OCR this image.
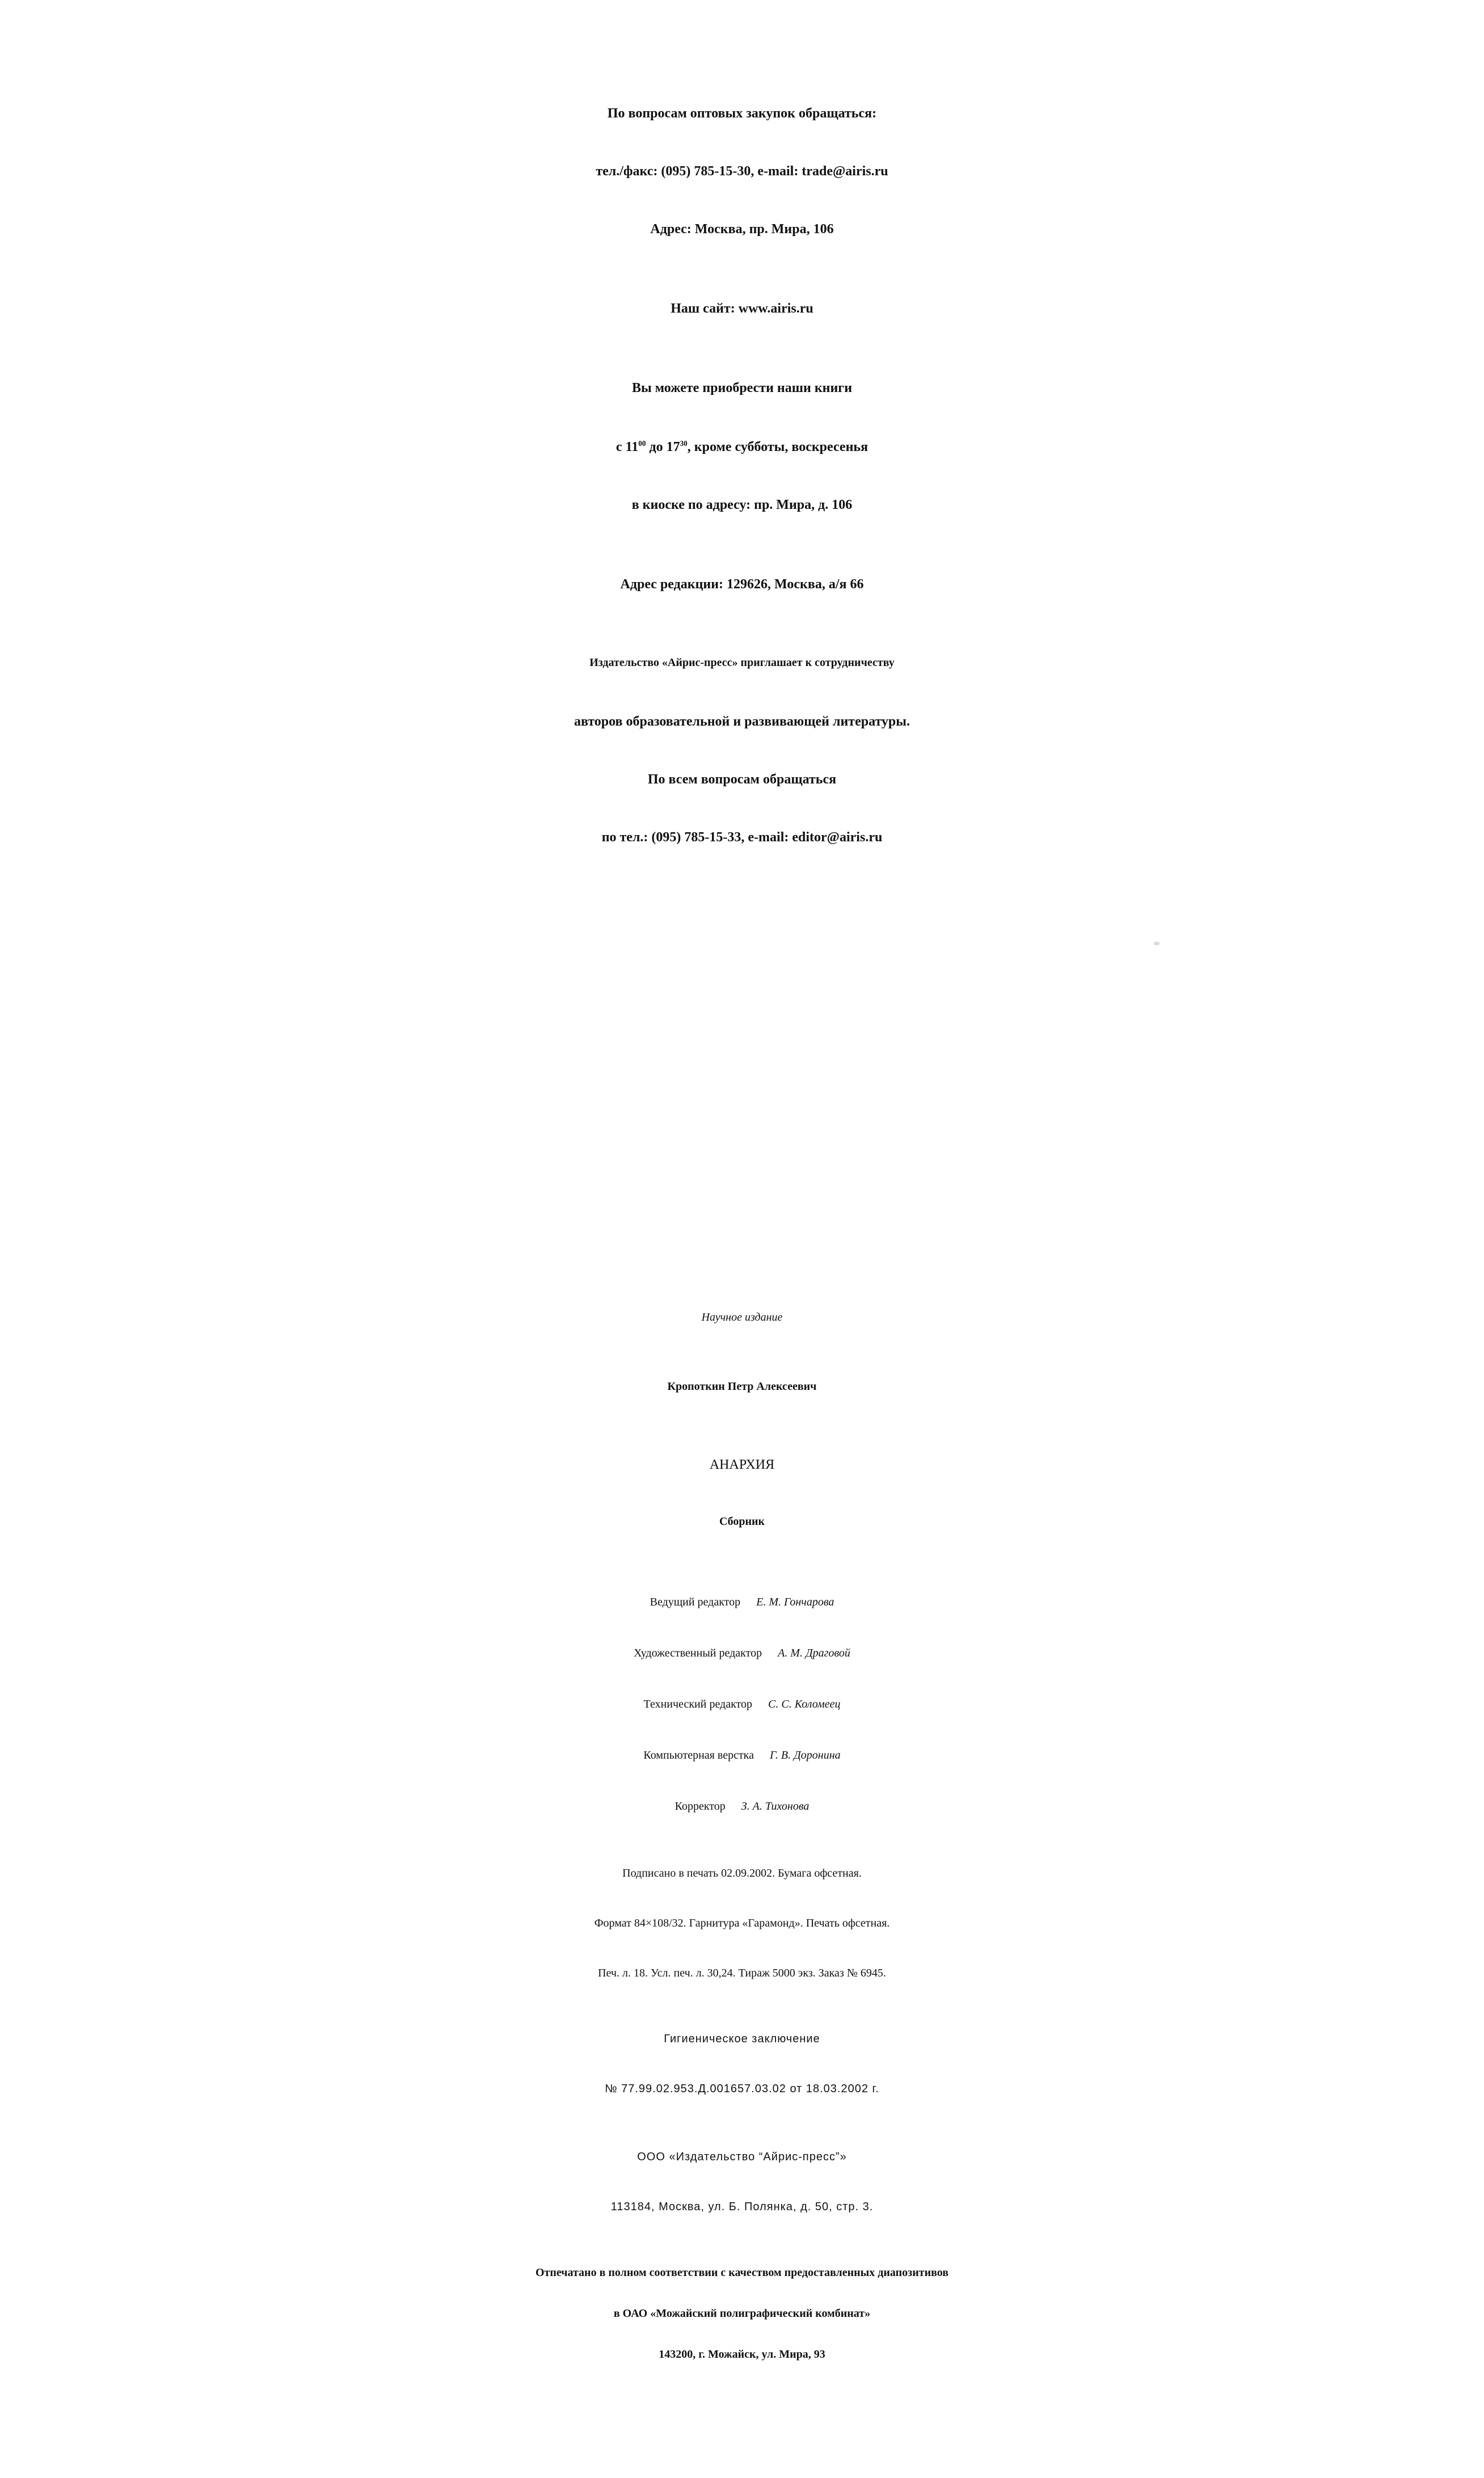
По вопросам оптовых закупок обращаться:
тел./факс: (095) 785-15-30, e-mail: trade@airis.ru
Адрес: Москва, пр. Мира, 106
Наш сайт: www.airis.ru
Вы можете приобрести наши книги
с $11^{00}$ до $17^{30}$, кроме субботы, воскресенья
в киоске по адресу: пр. Мира, д. 106
Адрес редакции: 129626, Москва, а/я 66
Издательство «Айрис-пресс» приглашает к сотрудничеству
авторов образовательной и развивающей литературы.
По всем вопросам обращаться
по тел.: (095) 785-15-33, e-mail: editor@airis.ru
Научное издание
Кропоткин Петр Алексеевич
АНАРХИЯ
Сборник
Ведущий редактор Е. М. Гончарова
Художественный редактор А. М. Драговой
Технический редактор С. С. Коломеец
Компьютерная верстка Г. В. Доронина
Корректор З. А. Тихонова
Подписано в печать 02.09.2002. Бумага офсетная.
Формат 84×108/32. Гарнитура «Гарамонд». Печать офсетная.
Печ. л. 18. Усл. печ. л. 30,24. Тираж 5000 экз. Заказ № 6945.
Гигиеническое заключение
№ 77.99.02.953.Д.001657.03.02 от 18.03.2002 г.
ООО «Издательство “Айрис-пресс”»
113184, Москва, ул. Б. Полянка, д. 50, стр. 3.
Отпечатано в полном соответствии с качеством предоставленных диапозитивов
в ОАО «Можайский полиграфический комбинат»
143200, г. Можайск, ул. Мира, 93
